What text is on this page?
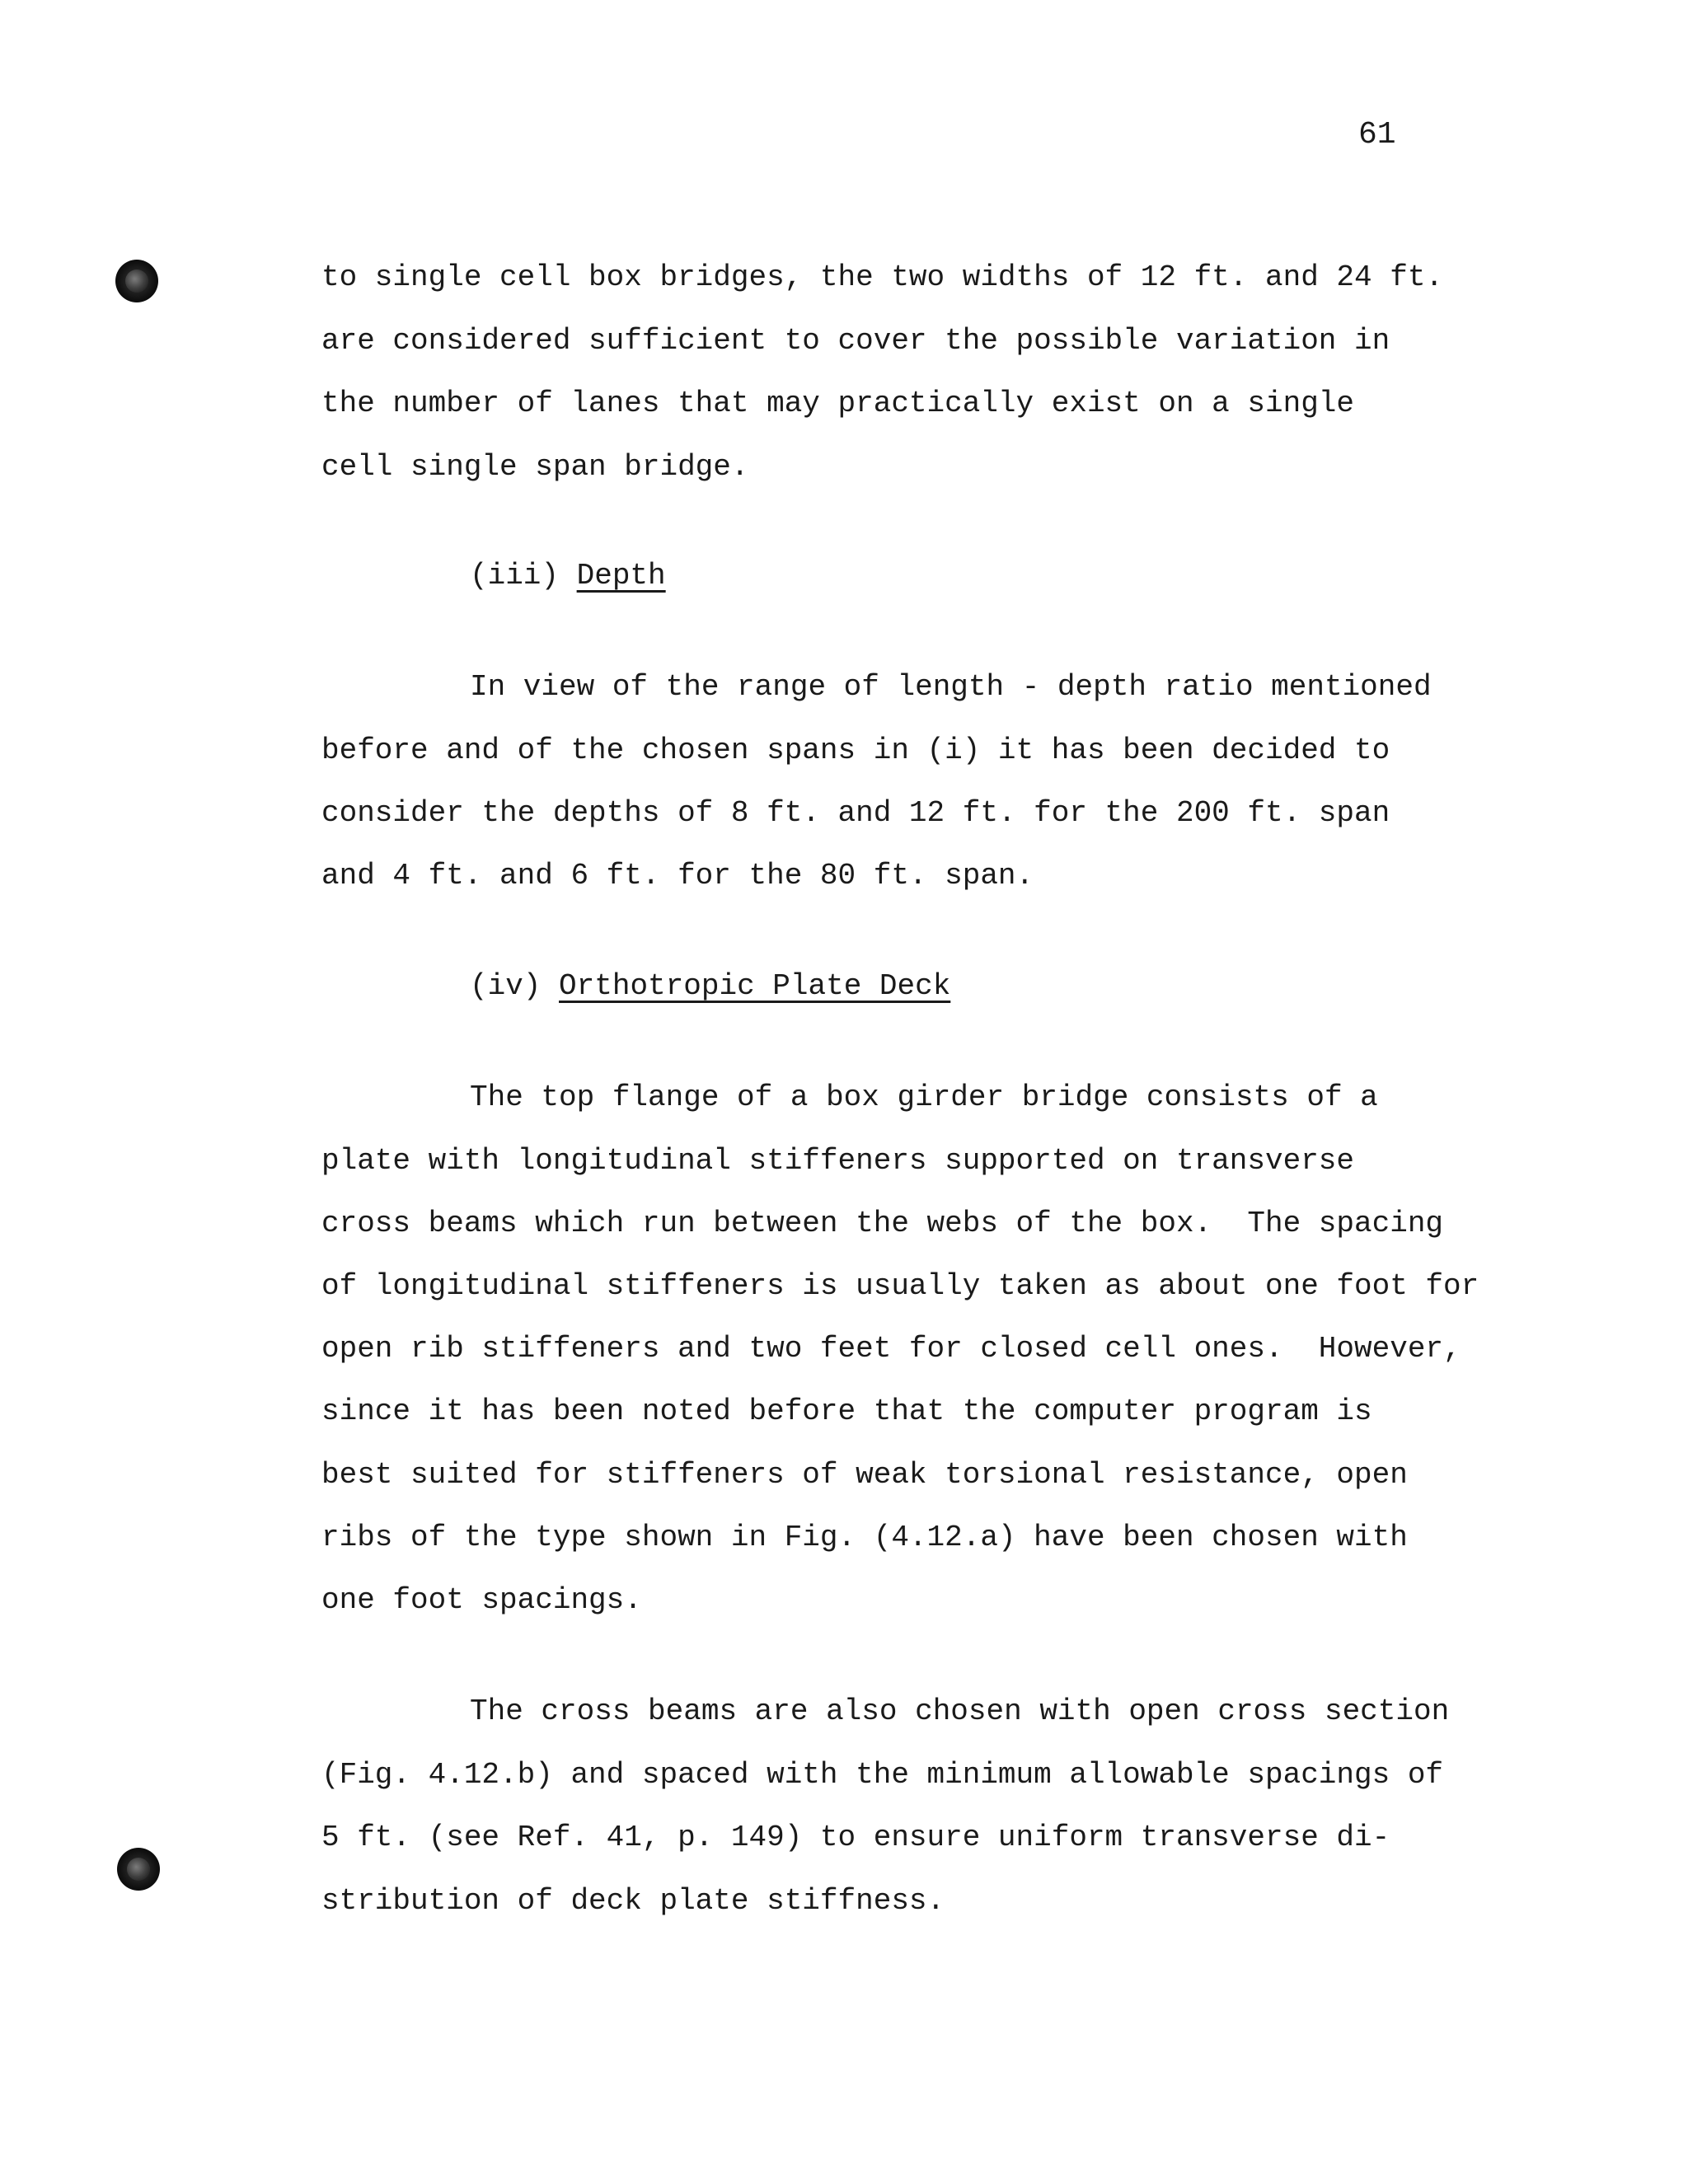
61
to single cell box bridges, the two widths of 12 ft. and 24 ft.
are considered sufficient to cover the possible variation in
the number of lanes that may practically exist on a single
cell single span bridge.
(iii) Depth
In view of the range of length - depth ratio mentioned
before and of the chosen spans in (i) it has been decided to
consider the depths of 8 ft. and 12 ft. for the 200 ft. span
and 4 ft. and 6 ft. for the 80 ft. span.
(iv) Orthotropic Plate Deck
The top flange of a box girder bridge consists of a
plate with longitudinal stiffeners supported on transverse
cross beams which run between the webs of the box.  The spacing
of longitudinal stiffeners is usually taken as about one foot for
open rib stiffeners and two feet for closed cell ones.  However,
since it has been noted before that the computer program is
best suited for stiffeners of weak torsional resistance, open
ribs of the type shown in Fig. (4.12.a) have been chosen with
one foot spacings.
The cross beams are also chosen with open cross section
(Fig. 4.12.b) and spaced with the minimum allowable spacings of
5 ft. (see Ref. 41, p. 149) to ensure uniform transverse di-
stribution of deck plate stiffness.
